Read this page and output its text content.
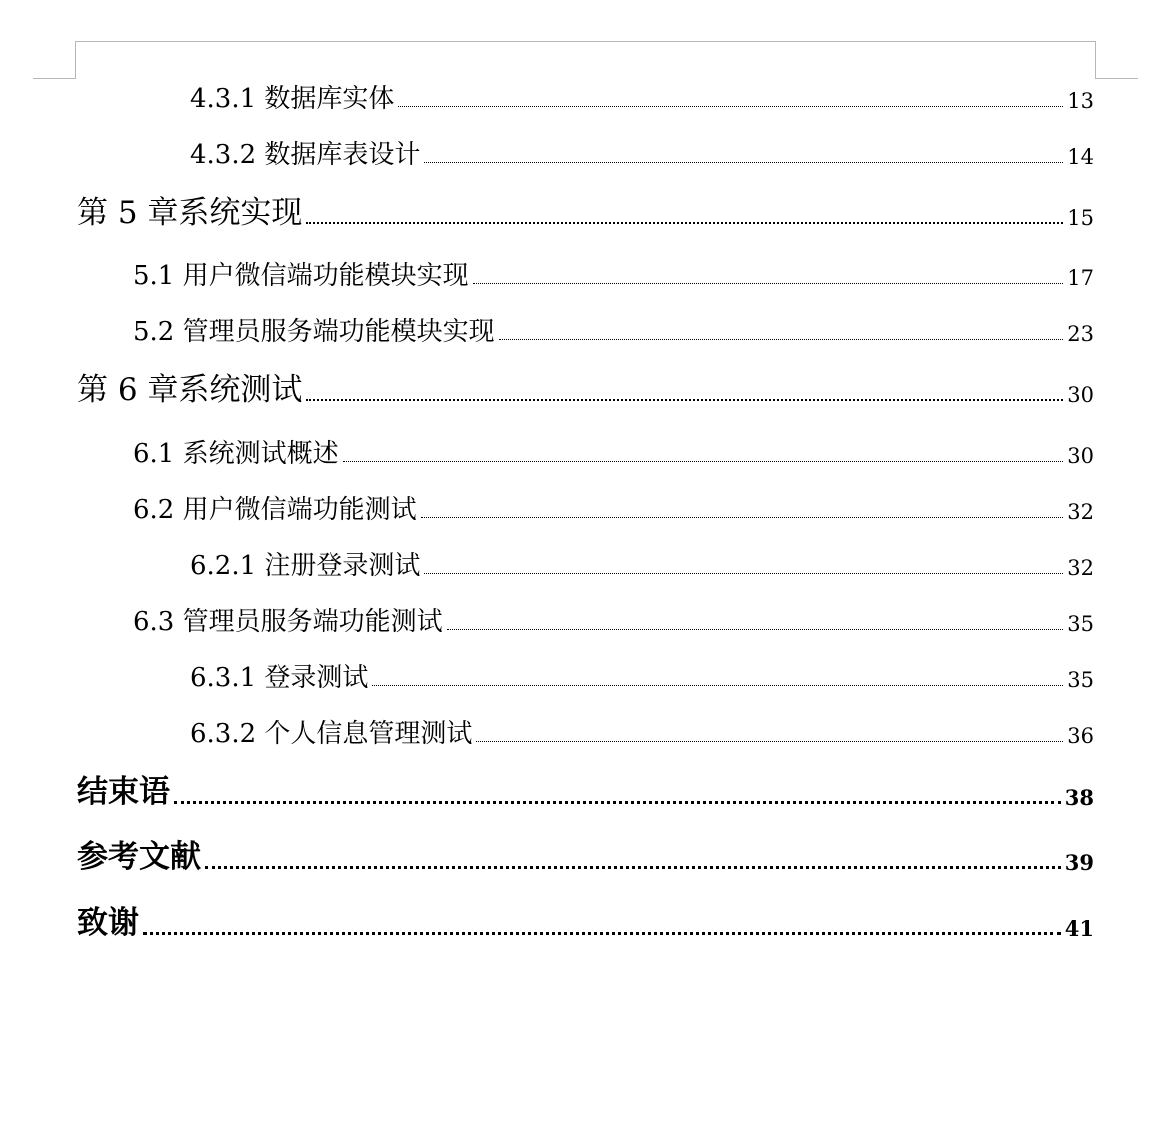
4.3.1 数据库实体	13
4.3.2 数据库表设计	14
第 5 章系统实现	15
5.1 用户微信端功能模块实现	17
5.2 管理员服务端功能模块实现	23
第 6 章系统测试	30
6.1 系统测试概述	30
6.2 用户微信端功能测试	32
6.2.1 注册登录测试	32
6.3 管理员服务端功能测试	35
6.3.1 登录测试	35
6.3.2 个人信息管理测试	36
结束语	38
参考文献	39
致谢	41
